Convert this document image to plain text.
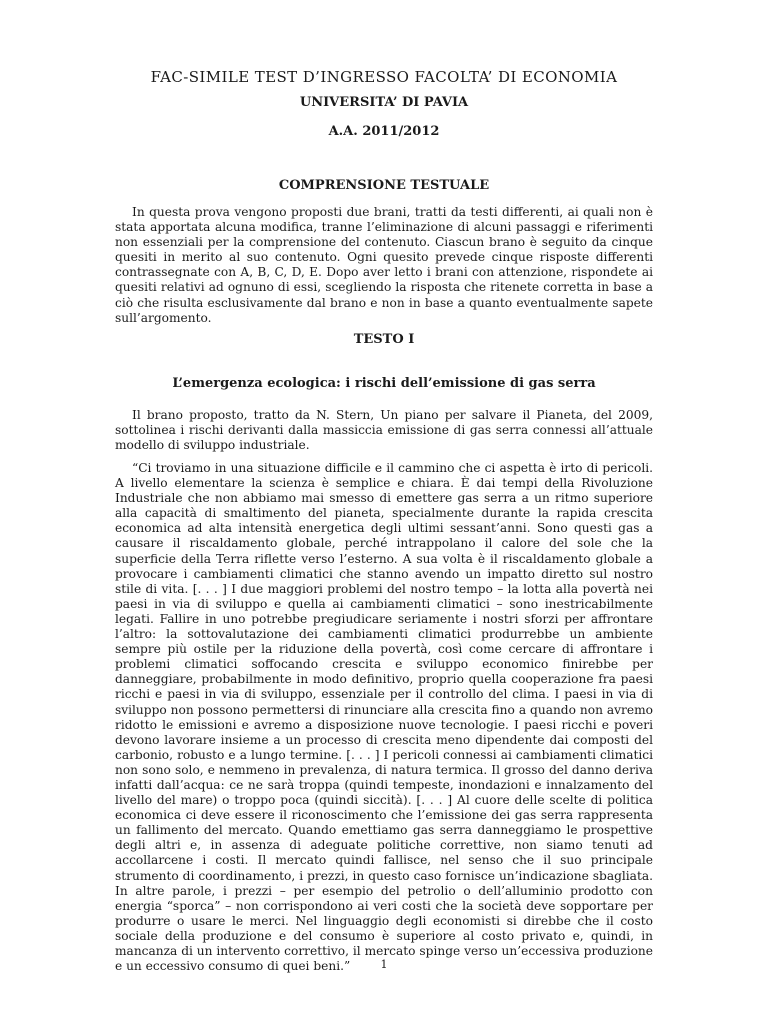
FAC-SIMILE TEST D’INGRESSO FACOLTA’ DI ECONOMIA
UNIVERSITA’ DI PAVIA
A.A. 2011/2012
COMPRENSIONE TESTUALE

In questa prova vengono proposti due brani, tratti da testi differenti, ai quali non è stata apportata alcuna modifica, tranne l’eliminazione di alcuni passaggi e riferimenti non essenziali per la comprensione del contenuto. Ciascun brano è seguito da cinque quesiti in merito al suo contenuto. Ogni quesito prevede cinque risposte differenti contrassegnate con A, B, C, D, E. Dopo aver letto i brani con attenzione, rispondete ai quesiti relativi ad ognuno di essi, scegliendo la risposta che ritenete corretta in base a ciò che risulta esclusivamente dal brano e non in base a quanto eventualmente sapete sull’argomento.

TESTO I
L’emergenza ecologica: i rischi dell’emissione di gas serra

Il brano proposto, tratto da N. Stern, Un piano per salvare il Pianeta, del 2009, sottolinea i rischi derivanti dalla massiccia emissione di gas serra connessi all’attuale modello di sviluppo industriale.

“Ci troviamo in una situazione difficile e il cammino che ci aspetta è irto di pericoli. A livello elementare la scienza è semplice e chiara. È dai tempi della Rivoluzione Industriale che non abbiamo mai smesso di emettere gas serra a un ritmo superiore alla capacità di smaltimento del pianeta, specialmente durante la rapida crescita economica ad alta intensità energetica degli ultimi sessant’anni. Sono questi gas a causare il riscaldamento globale, perché intrappolano il calore del sole che la superficie della Terra riflette verso l’esterno. A sua volta è il riscaldamento globale a provocare i cambiamenti climatici che stanno avendo un impatto diretto sul nostro stile di vita. [. . . ] I due maggiori problemi del nostro tempo – la lotta alla povertà nei paesi in via di sviluppo e quella ai cambiamenti climatici – sono inestricabilmente legati. Fallire in uno potrebbe pregiudicare seriamente i nostri sforzi per affrontare l’altro: la sottovalutazione dei cambiamenti climatici produrrebbe un ambiente sempre più ostile per la riduzione della povertà, così come cercare di affrontare i problemi climatici soffocando crescita e sviluppo economico finirebbe per danneggiare, probabilmente in modo definitivo, proprio quella cooperazione fra paesi ricchi e paesi in via di sviluppo, essenziale per il controllo del clima. I paesi in via di sviluppo non possono permettersi di rinunciare alla crescita fino a quando non avremo ridotto le emissioni e avremo a disposizione nuove tecnologie. I paesi ricchi e poveri devono lavorare insieme a un processo di crescita meno dipendente dai composti del carbonio, robusto e a lungo termine. [. . . ] I pericoli connessi ai cambiamenti climatici non sono solo, e nemmeno in prevalenza, di natura termica. Il grosso del danno deriva infatti dall’acqua: ce ne sarà troppa (quindi tempeste, inondazioni e innalzamento del livello del mare) o troppo poca (quindi siccità). [. . . ] Al cuore delle scelte di politica economica ci deve essere il riconoscimento che l’emissione dei gas serra rappresenta un fallimento del mercato. Quando emettiamo gas serra danneggiamo le prospettive degli altri e, in assenza di adeguate politiche correttive, non siamo tenuti ad accollarcene i costi. Il mercato quindi fallisce, nel senso che il suo principale strumento di coordinamento, i prezzi, in questo caso fornisce un’indicazione sbagliata. In altre parole, i prezzi – per esempio del petrolio o dell’alluminio prodotto con energia “sporca” – non corrispondono ai veri costi che la società deve sopportare per produrre o usare le merci. Nel linguaggio degli economisti si direbbe che il costo sociale della produzione e del consumo è superiore al costo privato e, quindi, in mancanza di un intervento correttivo, il mercato spinge verso un’eccessiva produzione e un eccessivo consumo di quei beni.”	1
